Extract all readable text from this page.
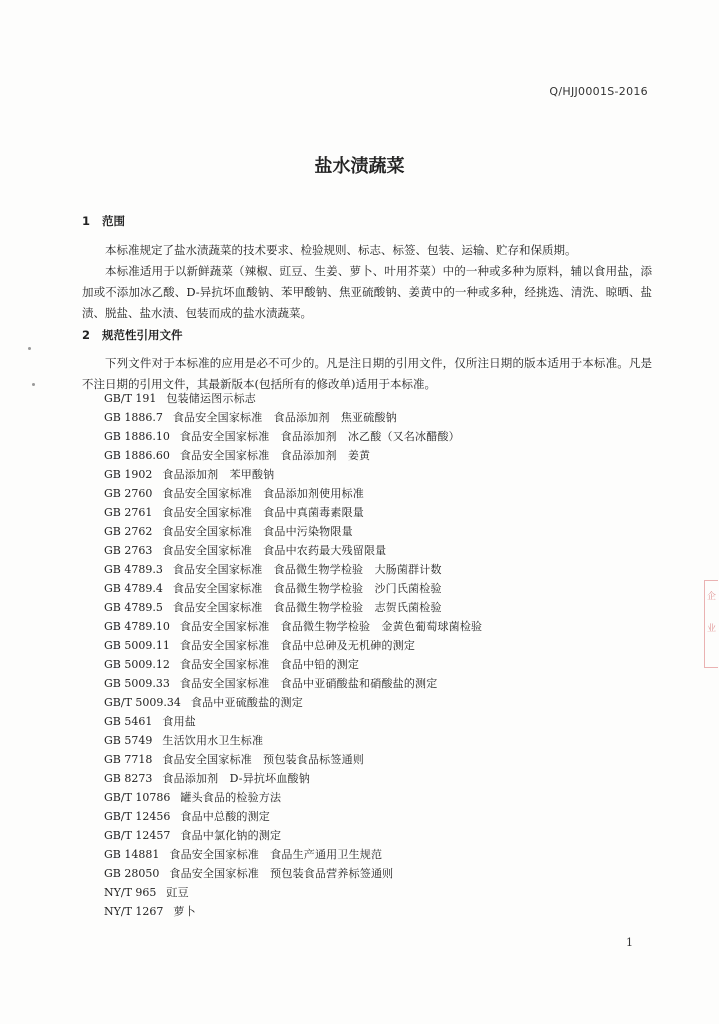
Q/HJJ0001S-2016
盐水渍蔬菜
1 范围
本标准规定了盐水渍蔬菜的技术要求、检验规则、标志、标签、包装、运输、贮存和保质期。
本标准适用于以新鲜蔬菜（辣椒、豇豆、生姜、萝卜、叶用芥菜）中的一种或多种为原料，辅以食用盐，添加或不添加冰乙酸、D-异抗坏血酸钠、苯甲酸钠、焦亚硫酸钠、姜黄中的一种或多种，经挑选、清洗、晾晒、盐渍、脱盐、盐水渍、包装而成的盐水渍蔬菜。
2 规范性引用文件
下列文件对于本标准的应用是必不可少的。凡是注日期的引用文件，仅所注日期的版本适用于本标准。凡是不注日期的引用文件，其最新版本(包括所有的修改单)适用于本标准。
GB/T 191 包装储运图示标志
GB 1886.7 食品安全国家标准　食品添加剂　焦亚硫酸钠
GB 1886.10 食品安全国家标准　食品添加剂　冰乙酸（又名冰醋酸）
GB 1886.60 食品安全国家标准　食品添加剂　姜黄
GB 1902 食品添加剂　苯甲酸钠
GB 2760 食品安全国家标准　食品添加剂使用标准
GB 2761 食品安全国家标准　食品中真菌毒素限量
GB 2762 食品安全国家标准　食品中污染物限量
GB 2763 食品安全国家标准　食品中农药最大残留限量
GB 4789.3 食品安全国家标准　食品微生物学检验　大肠菌群计数
GB 4789.4 食品安全国家标准　食品微生物学检验　沙门氏菌检验
GB 4789.5 食品安全国家标准　食品微生物学检验　志贺氏菌检验
GB 4789.10 食品安全国家标准　食品微生物学检验　金黄色葡萄球菌检验
GB 5009.11 食品安全国家标准　食品中总砷及无机砷的测定
GB 5009.12 食品安全国家标准　食品中铅的测定
GB 5009.33 食品安全国家标准　食品中亚硝酸盐和硝酸盐的测定
GB/T 5009.34 食品中亚硫酸盐的测定
GB 5461 食用盐
GB 5749 生活饮用水卫生标准
GB 7718 食品安全国家标准　预包装食品标签通则
GB 8273 食品添加剂　D-异抗坏血酸钠
GB/T 10786 罐头食品的检验方法
GB/T 12456 食品中总酸的测定
GB/T 12457 食品中氯化钠的测定
GB 14881 食品安全国家标准　食品生产通用卫生规范
GB 28050 食品安全国家标准　预包装食品营养标签通则
NY/T 965 豇豆
NY/T 1267 萝卜
1
企
业
